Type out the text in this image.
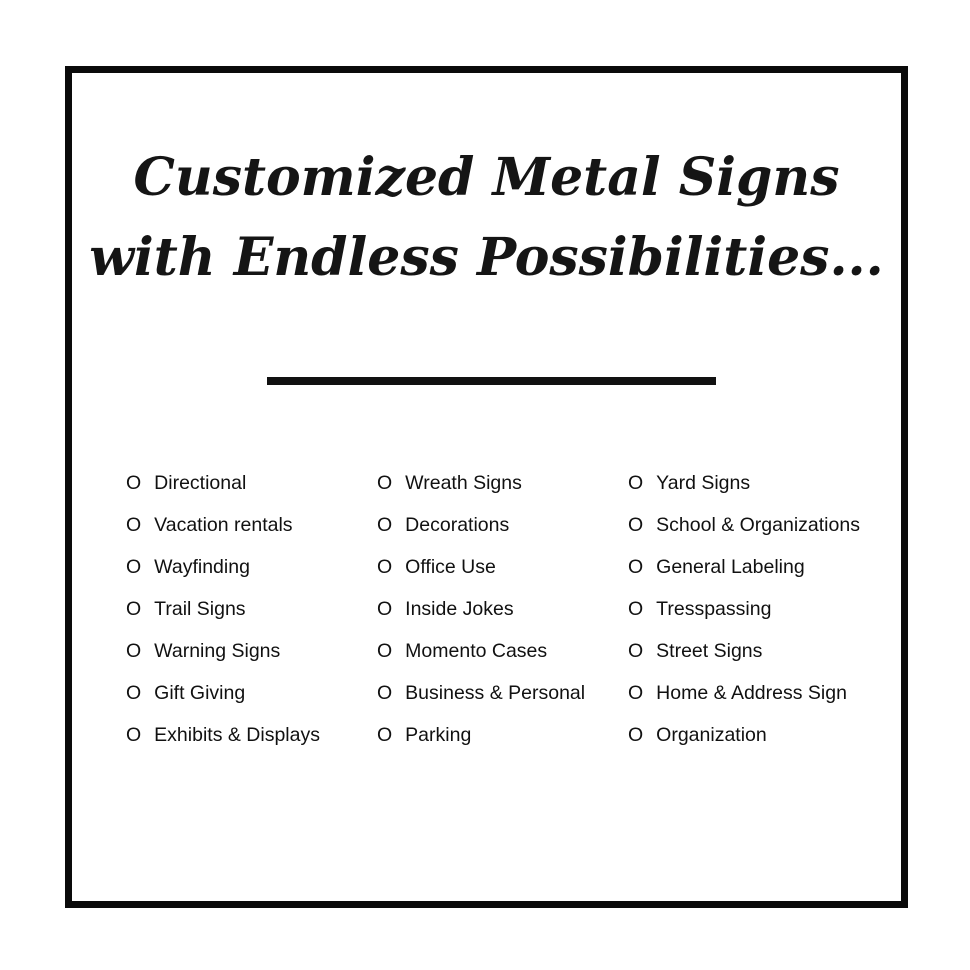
Customized Metal Signs
with Endless Possibilities...
O Directional
O Vacation rentals
O Wayfinding
O Trail Signs
O Warning Signs
O Gift Giving
O Exhibits & Displays
O Wreath Signs
O Decorations
O Office Use
O Inside Jokes
O Momento Cases
O Business & Personal
O Parking
O Yard Signs
O School & Organizations
O General Labeling
O Tresspassing
O Street Signs
O Home & Address Sign
O Organization
